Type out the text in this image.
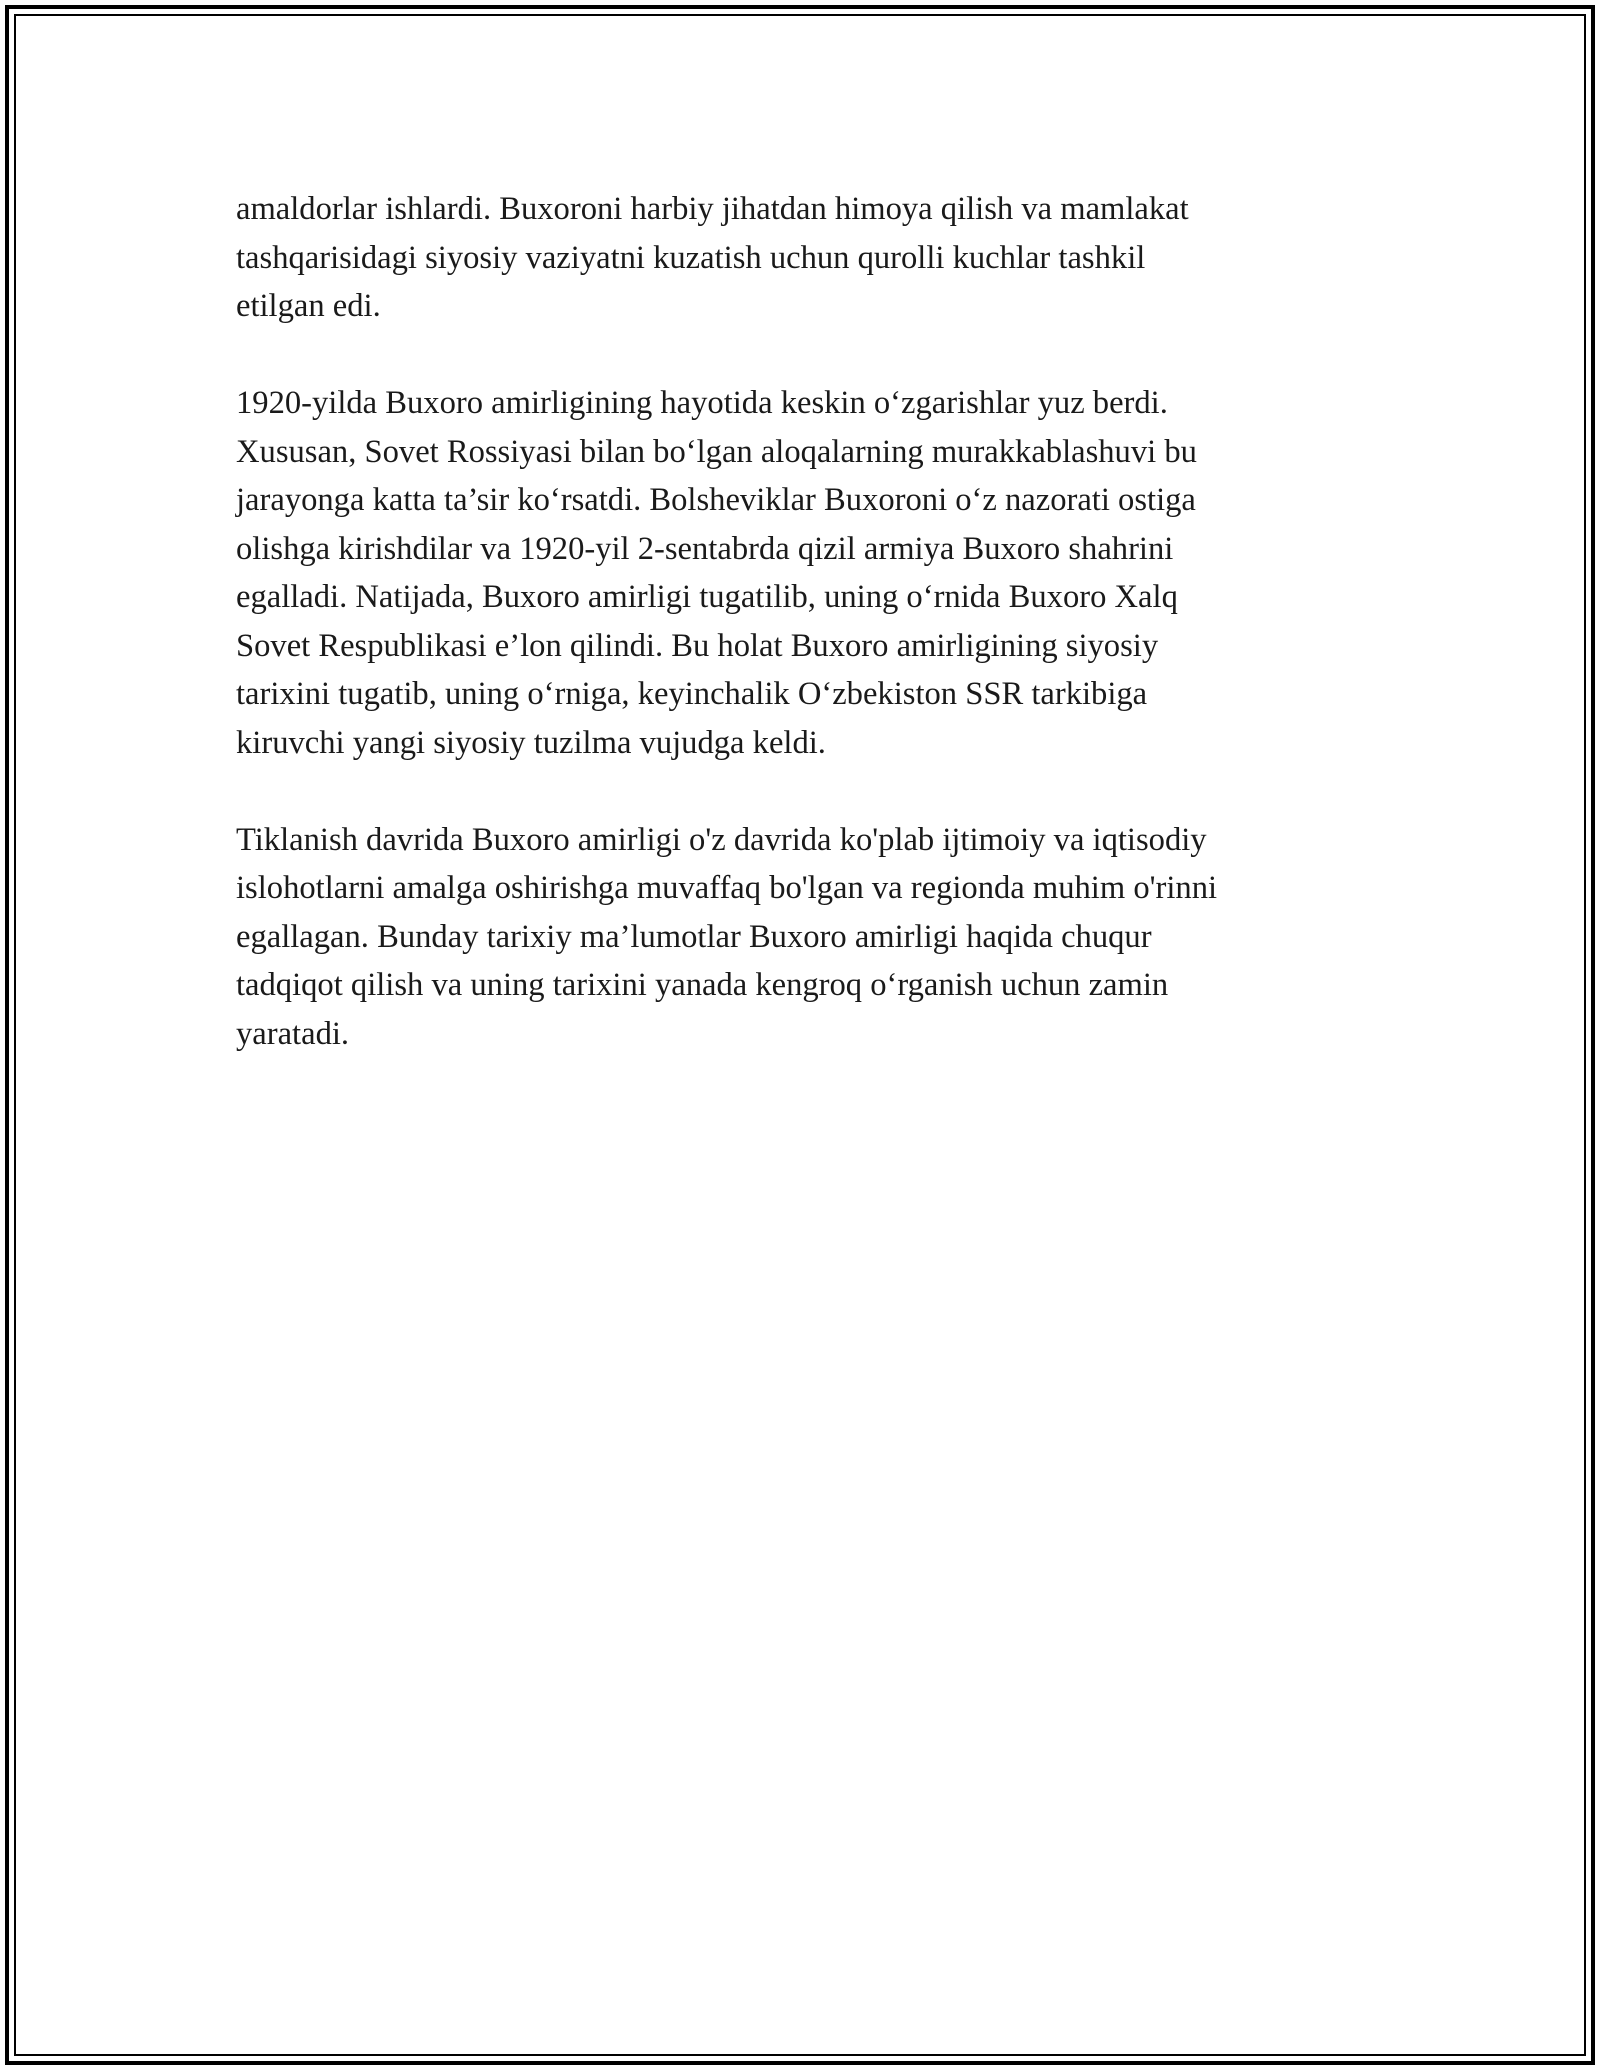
amaldorlar ishlardi. Buxoroni harbiy jihatdan himoya qilish va mamlakat
tashqarisidagi siyosiy vaziyatni kuzatish uchun qurolli kuchlar tashkil
etilgan edi.

1920-yilda Buxoro amirligining hayotida keskin o‘zgarishlar yuz berdi.
Xususan, Sovet Rossiyasi bilan bo‘lgan aloqalarning murakkablashuvi bu
jarayonga katta ta’sir ko‘rsatdi. Bolsheviklar Buxoroni o‘z nazorati ostiga
olishga kirishdilar va 1920-yil 2-sentabrda qizil armiya Buxoro shahrini
egalladi. Natijada, Buxoro amirligi tugatilib, uning o‘rnida Buxoro Xalq
Sovet Respublikasi e’lon qilindi. Bu holat Buxoro amirligining siyosiy
tarixini tugatib, uning o‘rniga, keyinchalik O‘zbekiston SSR tarkibiga
kiruvchi yangi siyosiy tuzilma vujudga keldi.

Tiklanish davrida Buxoro amirligi o'z davrida ko'plab ijtimoiy va iqtisodiy
islohotlarni amalga oshirishga muvaffaq bo'lgan va regionda muhim o'rinni
egallagan. Bunday tarixiy ma’lumotlar Buxoro amirligi haqida chuqur
tadqiqot qilish va uning tarixini yanada kengroq o‘rganish uchun zamin
yaratadi.
